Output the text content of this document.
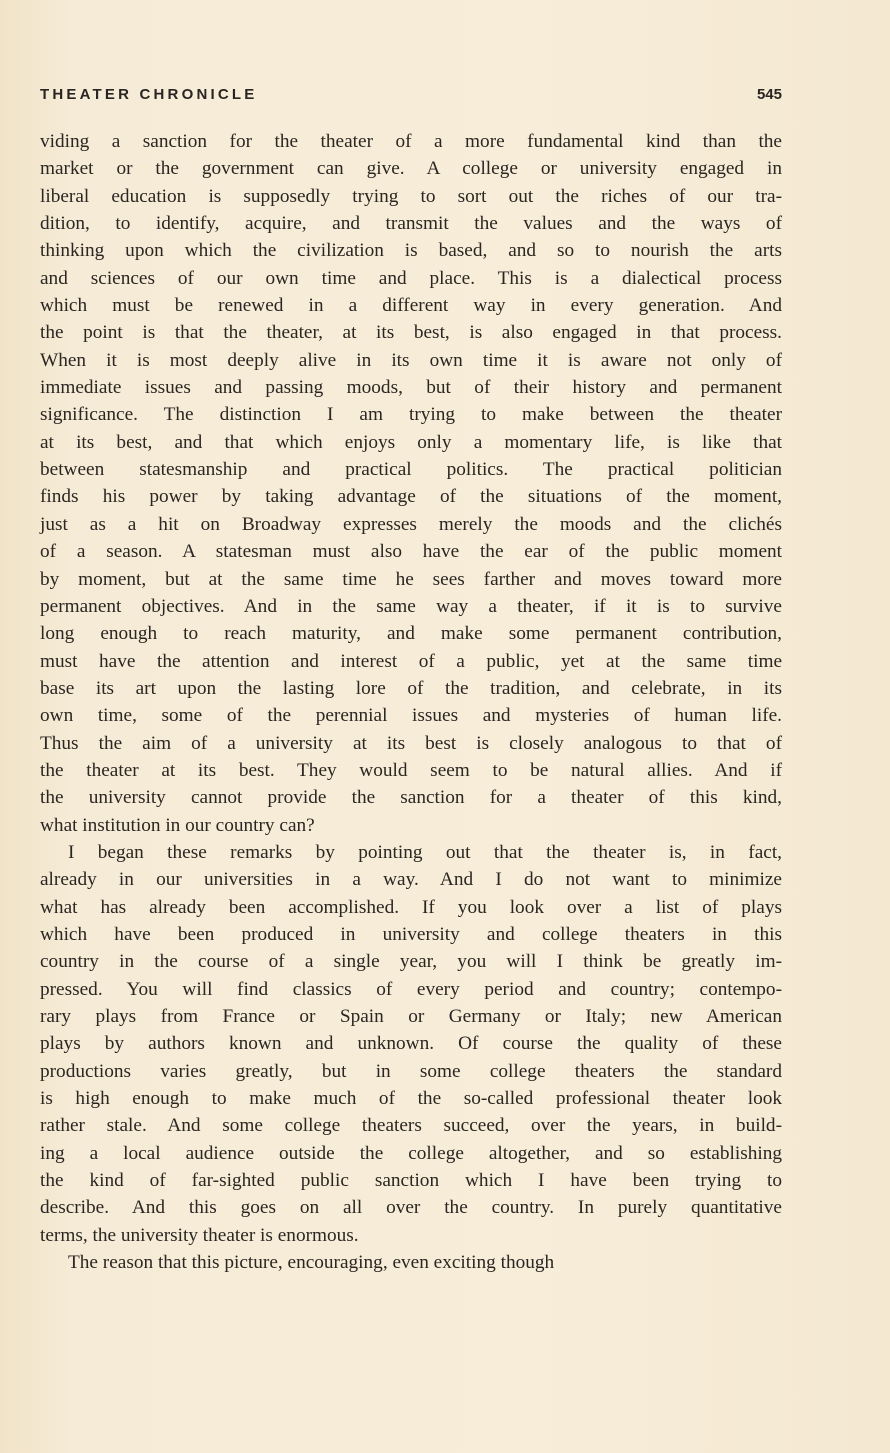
THEATER CHRONICLE	545
viding a sanction for the theater of a more fundamental kind than the
market or the government can give. A college or university engaged in
liberal education is supposedly trying to sort out the riches of our tra-
dition, to identify, acquire, and transmit the values and the ways of
thinking upon which the civilization is based, and so to nourish the arts
and sciences of our own time and place. This is a dialectical process
which must be renewed in a different way in every generation. And
the point is that the theater, at its best, is also engaged in that process.
When it is most deeply alive in its own time it is aware not only of
immediate issues and passing moods, but of their history and permanent
significance. The distinction I am trying to make between the theater
at its best, and that which enjoys only a momentary life, is like that
between statesmanship and practical politics. The practical politician
finds his power by taking advantage of the situations of the moment,
just as a hit on Broadway expresses merely the moods and the clichés
of a season. A statesman must also have the ear of the public moment
by moment, but at the same time he sees farther and moves toward more
permanent objectives. And in the same way a theater, if it is to survive
long enough to reach maturity, and make some permanent contribution,
must have the attention and interest of a public, yet at the same time
base its art upon the lasting lore of the tradition, and celebrate, in its
own time, some of the perennial issues and mysteries of human life.
Thus the aim of a university at its best is closely analogous to that of
the theater at its best. They would seem to be natural allies. And if
the university cannot provide the sanction for a theater of this kind,
what institution in our country can?
I began these remarks by pointing out that the theater is, in fact,
already in our universities in a way. And I do not want to minimize
what has already been accomplished. If you look over a list of plays
which have been produced in university and college theaters in this
country in the course of a single year, you will I think be greatly im-
pressed. You will find classics of every period and country; contempo-
rary plays from France or Spain or Germany or Italy; new American
plays by authors known and unknown. Of course the quality of these
productions varies greatly, but in some college theaters the standard
is high enough to make much of the so-called professional theater look
rather stale. And some college theaters succeed, over the years, in build-
ing a local audience outside the college altogether, and so establishing
the kind of far-sighted public sanction which I have been trying to
describe. And this goes on all over the country. In purely quantitative
terms, the university theater is enormous.
The reason that this picture, encouraging, even exciting though
